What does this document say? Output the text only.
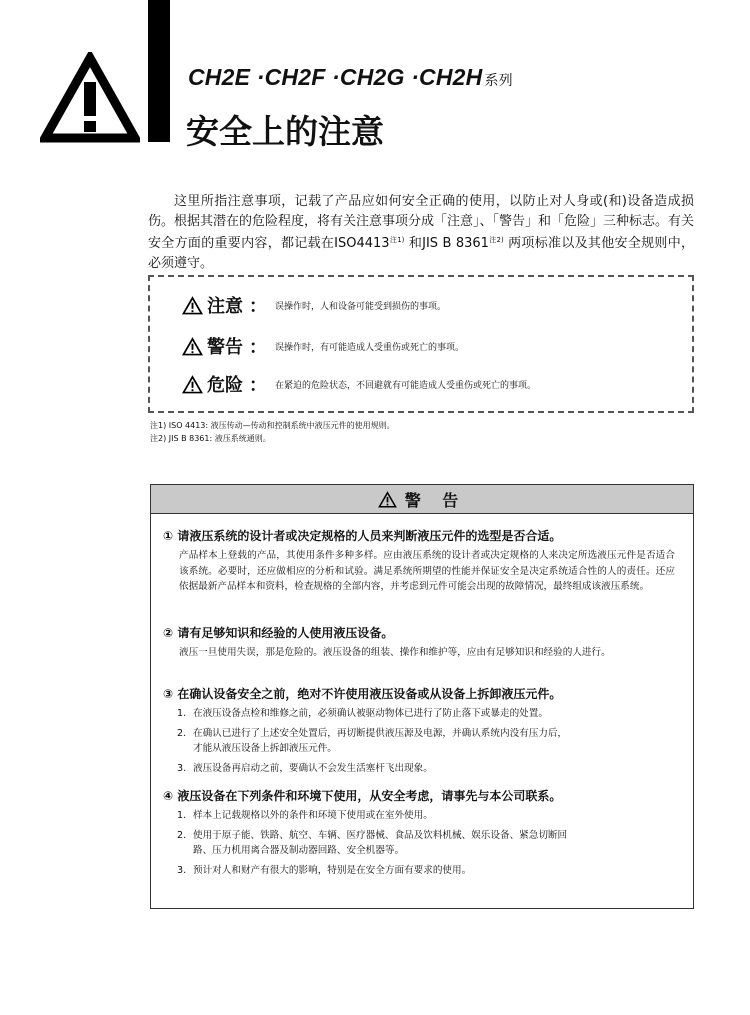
CH2E ·CH2F ·CH2G ·CH2H 系列
安全上的注意
这里所指注意事项，记载了产品应如何安全正确的使用，以防止对人身或(和)设备造成损伤。根据其潜在的危险程度，将有关注意事项分成「注意」、「警告」和「危险」三种标志。有关安全方面的重要内容，都记载在ISO4413$^{注1)}$ 和JIS B 8361$^{注2)}$ 两项标准以及其他安全规则中，必须遵守。
注意 ： 误操作时，人和设备可能受到损伤的事项。
警告 ： 误操作时，有可能造成人受重伤或死亡的事项。
危险 ： 在紧迫的危险状态，不回避就有可能造成人受重伤或死亡的事项。
注1) ISO 4413: 液压传动—传动和控制系统中液压元件的使用规则。
注2) JIS B 8361: 液压系统通则。
警 告
① 请液压系统的设计者或决定规格的人员来判断液压元件的选型是否合适。
产品样本上登载的产品，其使用条件多种多样。应由液压系统的设计者或决定规格的人来决定所选液压元件是否适合该系统。必要时，还应做相应的分析和试验。满足系统所期望的性能并保证安全是决定系统适合性的人的责任。还应依据最新产品样本和资料，检查规格的全部内容，并考虑到元件可能会出现的故障情况，最终组成该液压系统。
② 请有足够知识和经验的人使用液压设备。
液压一旦使用失误，那是危险的。液压设备的组装、操作和维护等，应由有足够知识和经验的人进行。
③ 在确认设备安全之前，绝对不许使用液压设备或从设备上拆卸液压元件。
1. 在液压设备点检和维修之前，必须确认被驱动物体已进行了防止落下或暴走的处置。
2. 在确认已进行了上述安全处置后，再切断提供液压源及电源，并确认系统内没有压力后，
才能从液压设备上拆卸液压元件。
3. 液压设备再启动之前，要确认不会发生活塞杆飞出现象。
④ 液压设备在下列条件和环境下使用，从安全考虑，请事先与本公司联系。
1. 样本上记载规格以外的条件和环境下使用或在室外使用。
2. 使用于原子能、铁路、航空、车辆、医疗器械、食品及饮料机械、娱乐设备、紧急切断回
路、压力机用离合器及制动器回路、安全机器等。
3. 预计对人和财产有很大的影响，特别是在安全方面有要求的使用。
